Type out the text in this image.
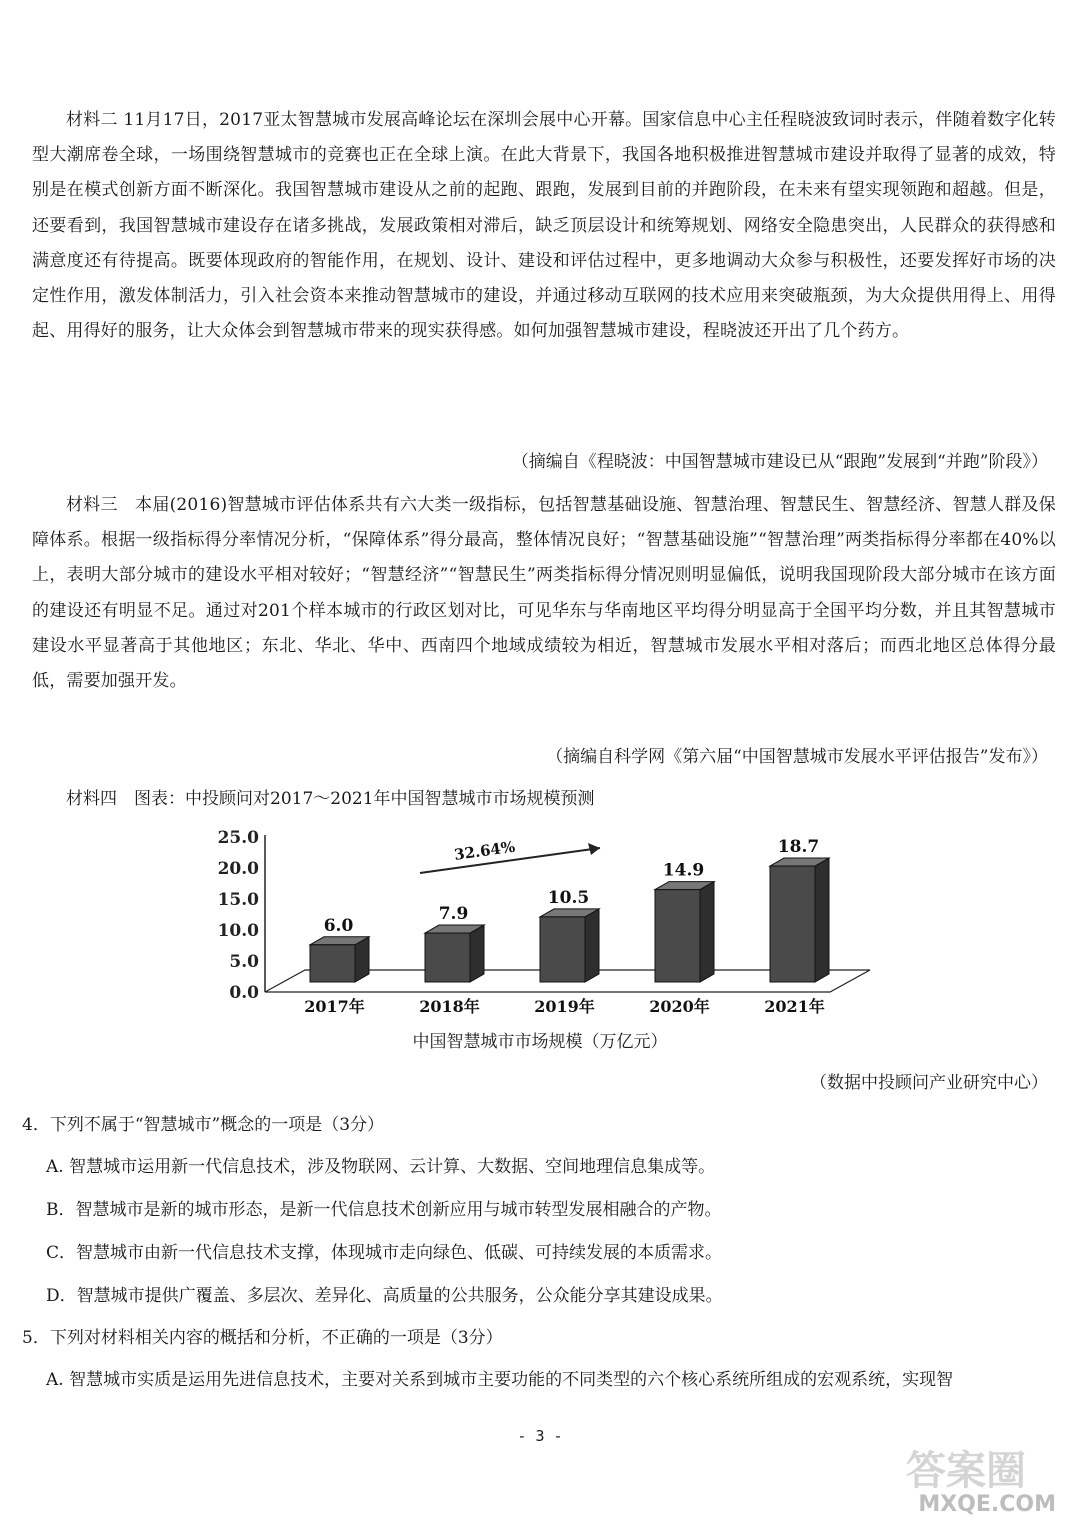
材料二 11月17日，2017亚太智慧城市发展高峰论坛在深圳会展中心开幕。国家信息中心主任程晓波致词时表示，伴随着数字化转型大潮席卷全球，一场围绕智慧城市的竞赛也正在全球上演。在此大背景下，我国各地积极推进智慧城市建设并取得了显著的成效，特别是在模式创新方面不断深化。我国智慧城市建设从之前的起跑、跟跑，发展到目前的并跑阶段，在未来有望实现领跑和超越。但是，还要看到，我国智慧城市建设存在诸多挑战，发展政策相对滞后，缺乏顶层设计和统筹规划、网络安全隐患突出，人民群众的获得感和满意度还有待提高。既要体现政府的智能作用，在规划、设计、建设和评估过程中，更多地调动大众参与积极性，还要发挥好市场的决定性作用，激发体制活力，引入社会资本来推动智慧城市的建设，并通过移动互联网的技术应用来突破瓶颈，为大众提供用得上、用得起、用得好的服务，让大众体会到智慧城市带来的现实获得感。如何加强智慧城市建设，程晓波还开出了几个药方。
（摘编自《程晓波：中国智慧城市建设已从“跟跑”发展到“并跑”阶段》）
材料三　本届(2016)智慧城市评估体系共有六大类一级指标，包括智慧基础设施、智慧治理、智慧民生、智慧经济、智慧人群及保障体系。根据一级指标得分率情况分析，“保障体系”得分最高，整体情况良好；“智慧基础设施”“智慧治理”两类指标得分率都在40%以上，表明大部分城市的建设水平相对较好；“智慧经济”“智慧民生”两类指标得分情况则明显偏低，说明我国现阶段大部分城市在该方面的建设还有明显不足。通过对201个样本城市的行政区划对比，可见华东与华南地区平均得分明显高于全国平均分数，并且其智慧城市建设水平显著高于其他地区；东北、华北、华中、西南四个地域成绩较为相近，智慧城市发展水平相对落后；而西北地区总体得分最低，需要加强开发。
（摘编自科学网《第六届“中国智慧城市发展水平评估报告”发布》）
材料四　图表：中投顾问对2017～2021年中国智慧城市市场规模预测
0.0
5.0
10.0
15.0
20.0
25.0
6.0
2017年
7.9
2018年
10.5
2019年
14.9
2020年
18.7
2021年
32.64%
中国智慧城市市场规模（万亿元）
（数据中投顾问产业研究中心）
4．下列不属于“智慧城市”概念的一项是（3分）
A. 智慧城市运用新一代信息技术，涉及物联网、云计算、大数据、空间地理信息集成等。
B．智慧城市是新的城市形态，是新一代信息技术创新应用与城市转型发展相融合的产物。
C．智慧城市由新一代信息技术支撑，体现城市走向绿色、低碳、可持续发展的本质需求。
D．智慧城市提供广覆盖、多层次、差异化、高质量的公共服务，公众能分享其建设成果。
5．下列对材料相关内容的概括和分析，不正确的一项是（3分）
A. 智慧城市实质是运用先进信息技术，主要对关系到城市主要功能的不同类型的六个核心系统所组成的宏观系统，实现智
- 3 -
答案圈
MXQE.COM
